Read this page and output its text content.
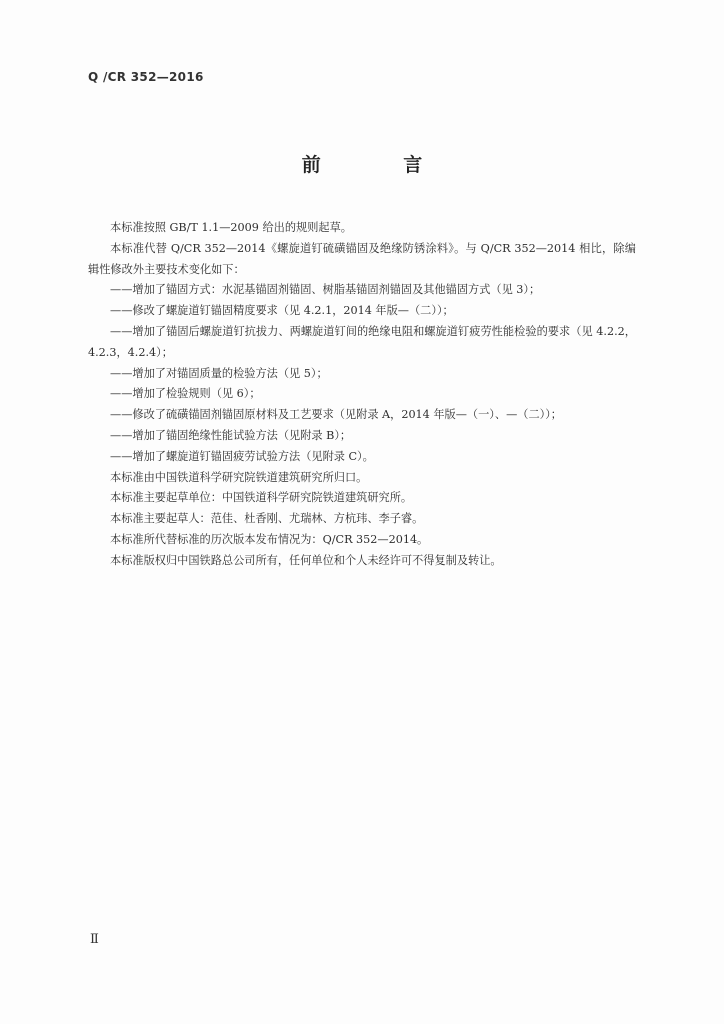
Q /CR 352—2016
前 言

本标准按照 GB/T 1.1—2009 给出的规则起草。

本标准代替 Q/CR 352—2014《螺旋道钉硫磺锚固及绝缘防锈涂料》。与 Q/CR 352—2014 相比，除编辑性修改外主要技术变化如下：

——增加了锚固方式：水泥基锚固剂锚固、树脂基锚固剂锚固及其他锚固方式（见 3）；

——修改了螺旋道钉锚固精度要求（见 4.2.1，2014 年版—（二））；

——增加了锚固后螺旋道钉抗拔力、两螺旋道钉间的绝缘电阻和螺旋道钉疲劳性能检验的要求（见 4.2.2，4.2.3，4.2.4）；

——增加了对锚固质量的检验方法（见 5）；

——增加了检验规则（见 6）；

——修改了硫磺锚固剂锚固原材料及工艺要求（见附录 A，2014 年版—（一）、—（二））；

——增加了锚固绝缘性能试验方法（见附录 B）；

——增加了螺旋道钉锚固疲劳试验方法（见附录 C）。

本标准由中国铁道科学研究院铁道建筑研究所归口。

本标准主要起草单位：中国铁道科学研究院铁道建筑研究所。

本标准主要起草人：范佳、杜香刚、尤瑞林、方杭玮、李子睿。

本标准所代替标准的历次版本发布情况为：Q/CR 352—2014。

本标准版权归中国铁路总公司所有，任何单位和个人未经许可不得复制及转让。

Ⅱ
